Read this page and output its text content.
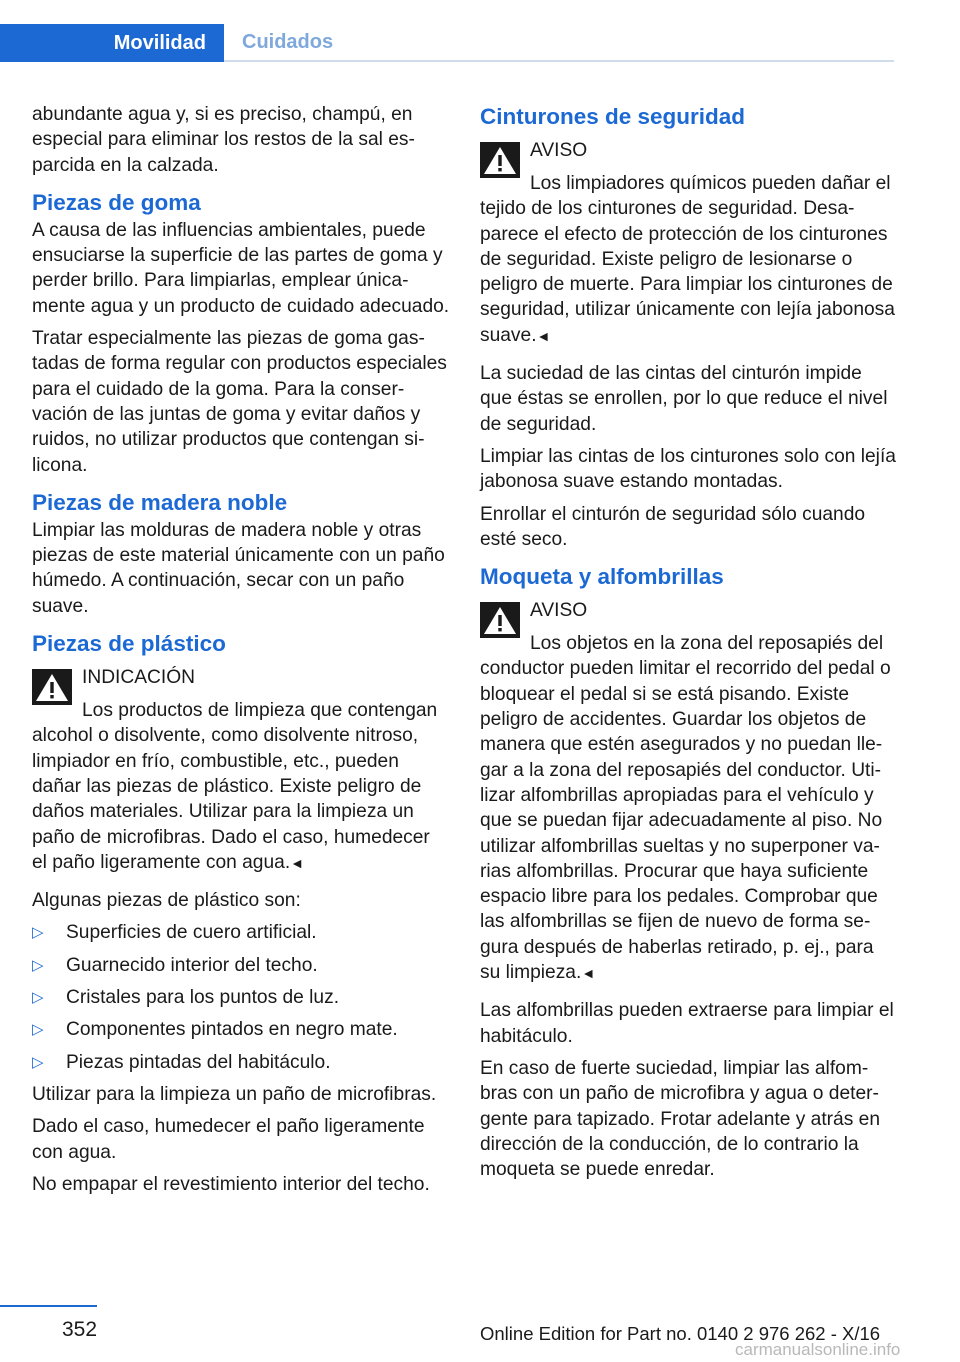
Movilidad	Cuidados

abundante agua y, si es preciso, champú, en especial para eliminar los restos de la sal esparcida en la calzada.

Piezas de goma

A causa de las influencias ambientales, puede ensuciarse la superficie de las partes de goma y perder brillo. Para limpiarlas, emplear únicamente agua y un producto de cuidado adecuado.

Tratar especialmente las piezas de goma gastadas de forma regular con productos especiales para el cuidado de la goma. Para la conservación de las juntas de goma y evitar daños y ruidos, no utilizar productos que contengan silicona.

Piezas de madera noble

Limpiar las molduras de madera noble y otras piezas de este material únicamente con un paño húmedo. A continuación, secar con un paño suave.

Piezas de plástico
INDICACIÓN

Los productos de limpieza que contengan alcohol o disolvente, como disolvente nitroso, limpiador en frío, combustible, etc., pueden dañar las piezas de plástico. Existe peligro de daños materiales. Utilizar para la limpieza un paño de microfibras. Dado el caso, humedecer el paño ligeramente con agua.◄

Algunas piezas de plástico son:

▷ Superficies de cuero artificial.
▷ Guarnecido interior del techo.
▷ Cristales para los puntos de luz.
▷ Componentes pintados en negro mate.
▷ Piezas pintadas del habitáculo.

Utilizar para la limpieza un paño de microfibras.

Dado el caso, humedecer el paño ligeramente con agua.

No empapar el revestimiento interior del techo.

Cinturones de seguridad
AVISO

Los limpiadores químicos pueden dañar el tejido de los cinturones de seguridad. Desaparece el efecto de protección de los cinturones de seguridad. Existe peligro de lesionarse o peligro de muerte. Para limpiar los cinturones de seguridad, utilizar únicamente con lejía jabonosa suave.◄

La suciedad de las cintas del cinturón impide que éstas se enrollen, por lo que reduce el nivel de seguridad.

Limpiar las cintas de los cinturones solo con lejía jabonosa suave estando montadas.

Enrollar el cinturón de seguridad sólo cuando esté seco.

Moqueta y alfombrillas
AVISO

Los objetos en la zona del reposapiés del conductor pueden limitar el recorrido del pedal o bloquear el pedal si se está pisando. Existe peligro de accidentes. Guardar los objetos de manera que estén asegurados y no puedan llegar a la zona del reposapiés del conductor. Utilizar alfombrillas apropiadas para el vehículo y que se puedan fijar adecuadamente al piso. No utilizar alfombrillas sueltas y no superponer varias alfombrillas. Procurar que haya suficiente espacio libre para los pedales. Comprobar que las alfombrillas se fijen de nuevo de forma segura después de haberlas retirado, p. ej., para su limpieza.◄

Las alfombrillas pueden extraerse para limpiar el habitáculo.

En caso de fuerte suciedad, limpiar las alfombras con un paño de microfibra y agua o detergente para tapizado. Frotar adelante y atrás en dirección de la conducción, de lo contrario la moqueta se puede enredar.

352	Online Edition for Part no. 0140 2 976 262 - X/16
carmanualsonline.info
